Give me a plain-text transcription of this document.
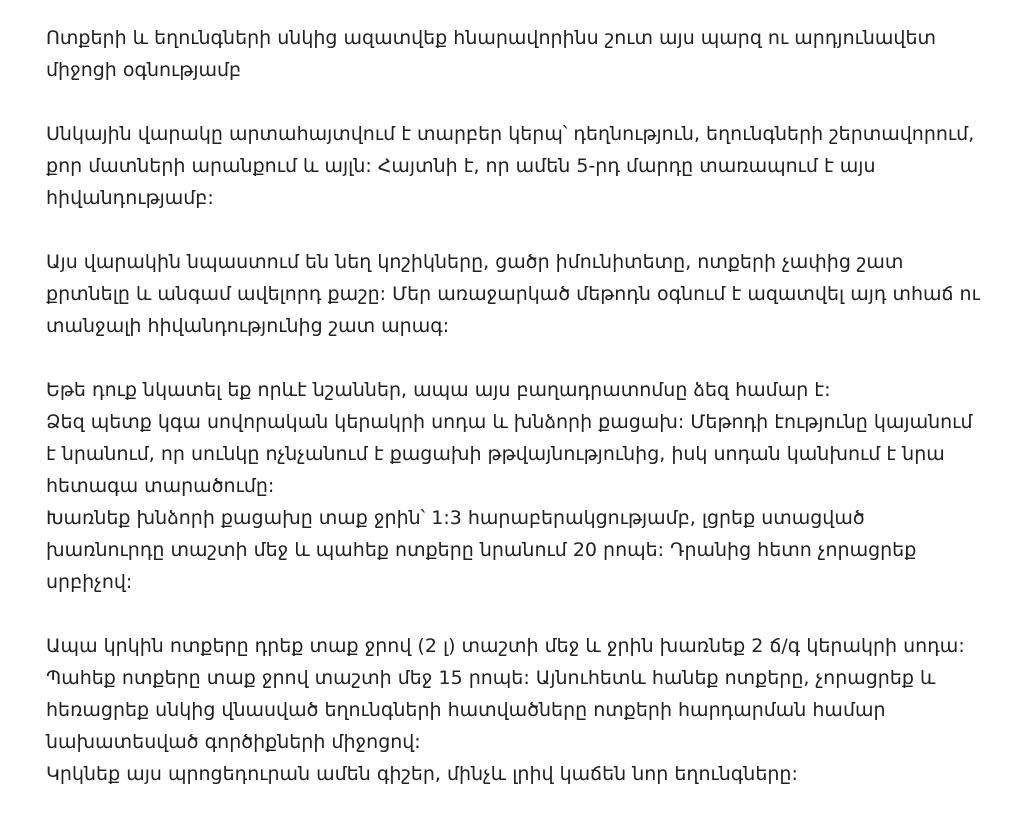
Ոտքերի և եղունգների սնկից ազատվեք հնարավորինս շուտ այս պարզ ու արդյունավետ միջոցի օգնությամբ

Սնկային վարակը արտահայտվում է տարբեր կերպ՝ դեղնություն, եղունգների շերտավորում, քոր մատների արանքում և այլն: Հայտնի է, որ ամեն 5-րդ մարդը տառապում է այս հիվանդությամբ:

Այս վարակին նպաստում են նեղ կոշիկները, ցածր իմունիտետը, ոտքերի չափից շատ քրտնելը և անգամ ավելորդ քաշը: Մեր առաջարկած մեթոդն օգնում է ազատվել այդ տհաճ ու տանջալի հիվանդությունից շատ արագ:

Եթե դուք նկատել եք որևէ նշաններ, ապա այս բաղադրատոմսը ձեզ համար է:

Ձեզ պետք կգա սովորական կերակրի սոդա և խնձորի քացախ: Մեթոդի էությունը կայանում է նրանում, որ սունկը ոչնչանում է քացախի թթվայնությունից, իսկ սոդան կանխում է նրա հետագա տարածումը:

Խառնեք խնձորի քացախը տաք ջրին՝ 1:3 հարաբերակցությամբ, լցրեք ստացված խառնուրդը տաշտի մեջ և պահեք ոտքերը նրանում 20 րոպե: Դրանից հետո չորացրեք սրբիչով:

Ապա կրկին ոտքերը դրեք տաք ջրով (2 լ) տաշտի մեջ և ջրին խառնեք 2 ճ/գ կերակրի սոդա:

Պահեք ոտքերը տաք ջրով տաշտի մեջ 15 րոպե: Այնուհետև հանեք ոտքերը, չորացրեք և հեռացրեք սնկից վնասված եղունգների հատվածները ոտքերի հարդարման համար նախատեսված գործիքների միջոցով:

Կրկնեք այս պրոցեդուրան ամեն գիշեր, մինչև լրիվ կաճեն նոր եղունգները:
